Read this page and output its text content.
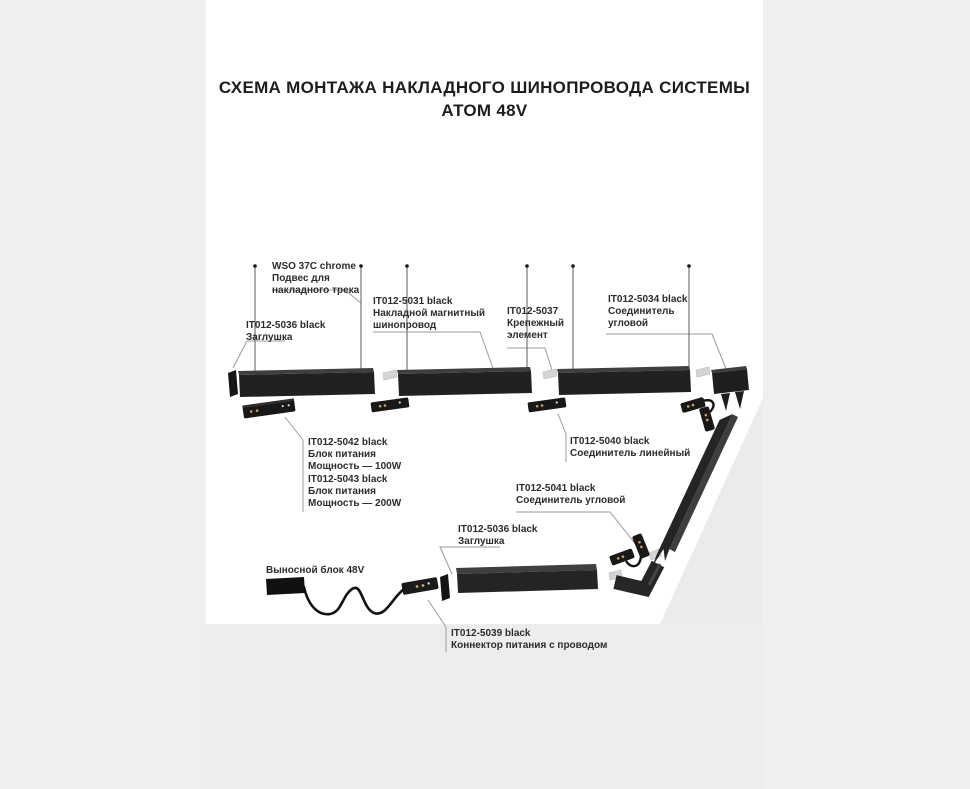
СХЕМА МОНТАЖА НАКЛАДНОГО ШИНОПРОВОДА СИСТЕМЫ АТОМ 48V
WSO 37C chrome
Подвес для
накладного трека
IT012-5036 black
Заглушка
IT012-5031 black
Накладной магнитный
шинопровод
IT012-5037
Крепежный
элемент
IT012-5034 black
Соединитель
угловой
IT012-5042 black
Блок питания
Мощность — 100W
IT012-5043 black
Блок питания
Мощность — 200W
IT012-5040 black
Соединитель линейный
IT012-5041 black
Соединитель угловой
IT012-5036 black
Заглушка
Выносной блок 48V
IT012-5039 black
Коннектор питания с проводом
